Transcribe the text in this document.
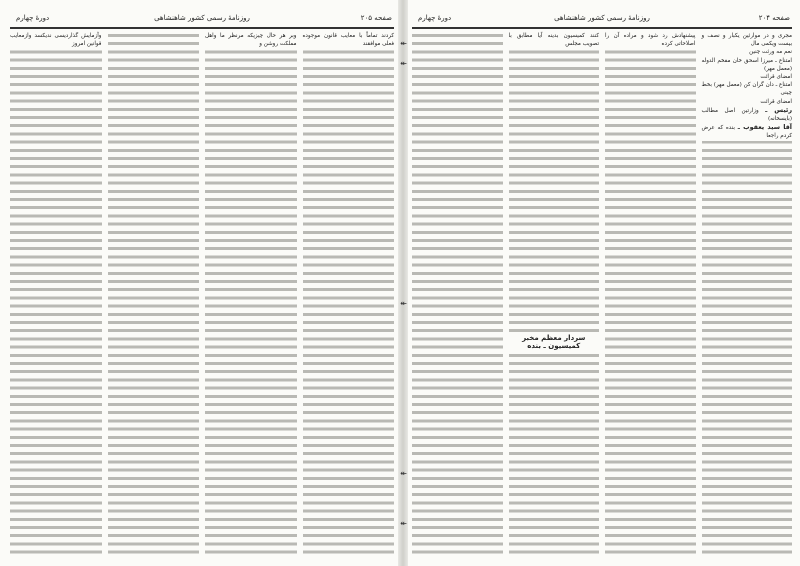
صفحه ۲۰۵
روزنامهٔ رسمی کشور شاهنشاهی
دورهٔ چهارم

کردند تماماً با معایب قانون موجوده فعلی موافقند

وبر هر حال چیزیکه مرنظر ما واهل مملکت روشن و

وآزمایش گذاردیسی ندیکسد وازمعایب قوانین امروز

صفحه ۲۰۴
روزنامهٔ رسمی کشور شاهنشاهی
دورهٔ چهارم

مجری و در موارثین یکبار و نصف و بیست ویکمی مال

نعم مه ورثت چنین

امتناع ـ میرزا اسحق خان مفخم الدوله (معمل مهر)

امضای قرائت

امتناع ـ دان گران کن (معمل مهر) بخط چینی

امضای قرائت

رئیس ـ وزارتین اصل مطالب (بایسخانه)

آقا سید یعقوب ـ بنده که عرض کردم راجعا

پیشنهادش رد شود و مراده آن را اصلاحاتی کرده

کنند کمیسیون بدینه آیا مطابق با تصویب مجلس

سردار معظم مخبر کمیسیون ـ بنده

↞
↞
↞
↞
↞
